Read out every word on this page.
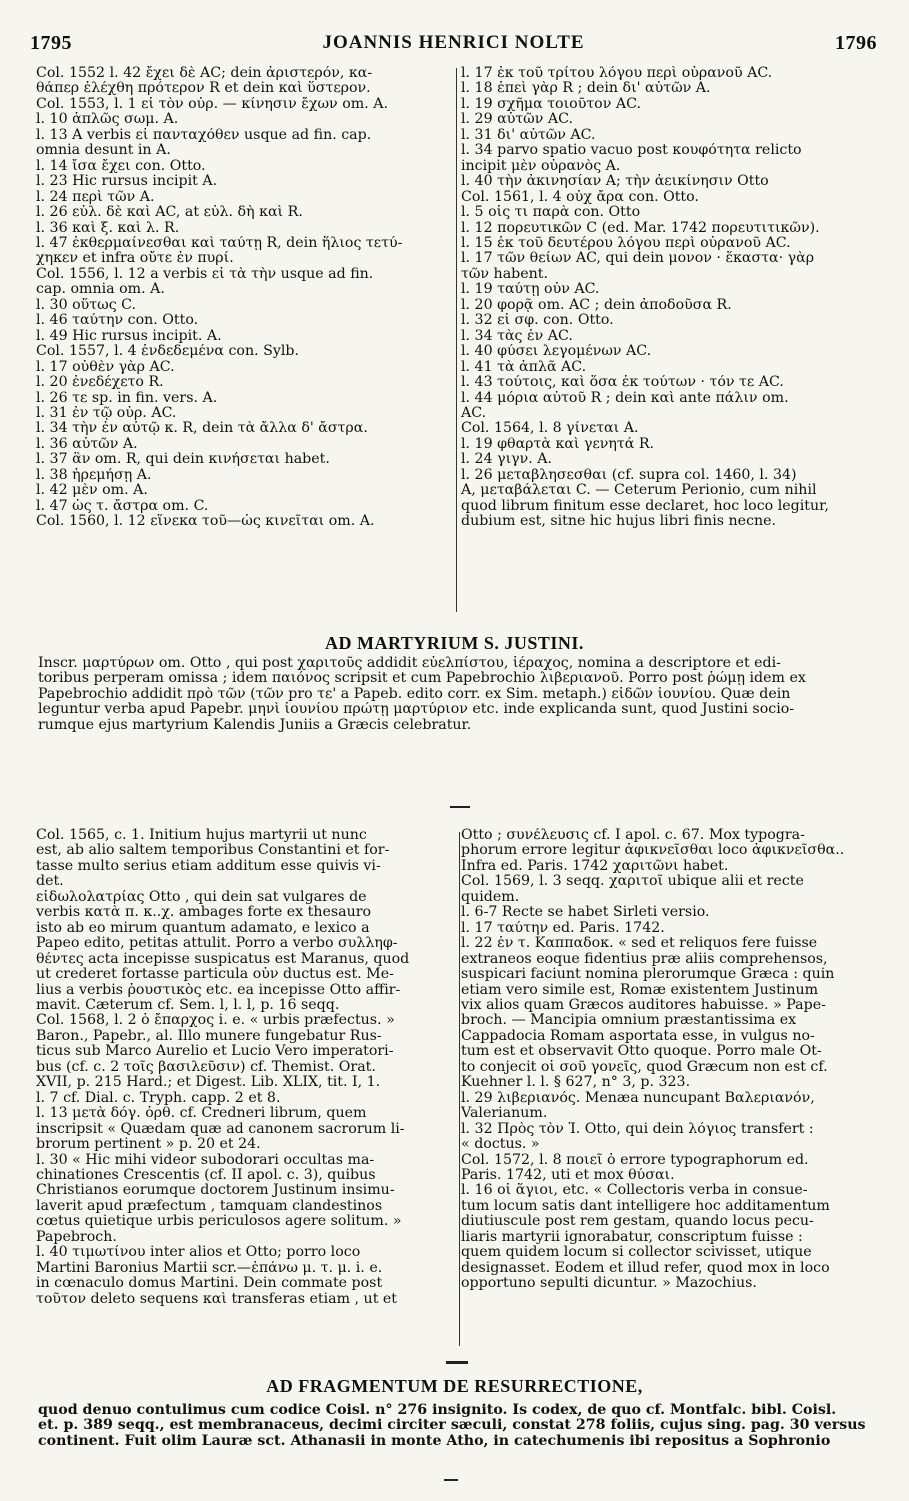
1795	JOANNIS HENRICI NOLTE	1796
Col. 1552 l. 42 ἔχει δὲ AC; dein ἀριστερόν, κα-
θάπερ ἐλέχθη πρότερον R et dein καὶ ὕστερον.
Col. 1553, l. 1 εἰ τὸν οὐρ. — κίνησιν ἔχων om. A.
l. 10 ἁπλῶς σωμ. A.
l. 13 A verbis εἰ πανταχόθεν usque ad fin. cap.
omnia desunt in A.
l. 14 ἴσα ἔχει con. Otto.
l. 23 Hic rursus incipit A.
l. 24 περὶ τῶν A.
l. 26 εὐλ. δὲ καὶ AC, at εὐλ. δὴ καὶ R.
l. 36 καὶ ξ. καὶ λ. R.
l. 47 ἐκθερμαίνεσθαι καὶ ταύτῃ R, dein ἥλιος τετύ-
χηκεν et infra οὔτε ἐν πυρί.
Col. 1556, l. 12 a verbis εἰ τὰ τὴν usque ad fin.
cap. omnia om. A.
l. 30 οὕτως C.
l. 46 ταύτην con. Otto.
l. 49 Hic rursus incipit. A.
Col. 1557, l. 4 ἐνδεδεμένα con. Sylb.
l. 17 οὐθὲν γὰρ AC.
l. 20 ἐνεδέχετο R.
l. 26 τε sp. in fin. vers. A.
l. 31 ἐν τῷ οὐρ. AC.
l. 34 τὴν ἐν αὐτῷ κ. R, dein τὰ ἄλλα δ' ἄστρα.
l. 36 αὐτῶν A.
l. 37 ἂν om. R, qui dein κινήσεται habet.
l. 38 ἠρεμήσῃ A.
l. 42 μὲν om. A.
l. 47 ὡς τ. ἄστρα om. C.
Col. 1560, l. 12 εἵνεκα τοῦ—ὡς κινεῖται om. A.
l. 17 ἐκ τοῦ τρίτου λόγου περὶ οὐρανοῦ AC.
l. 18 ἐπεὶ γὰρ R ; dein δι' αὐτῶν A.
l. 19 σχῆμα τοιοῦτον AC.
l. 29 αὐτῶν AC.
l. 31 δι' αὐτῶν AC.
l. 34 parvo spatio vacuo post κουφότητα relicto
incipit μὲν οὐρανὸς A.
l. 40 τὴν ἀκινησίαν A; τὴν ἀεικίνησιν Otto
Col. 1561, l. 4 οὐχ ἄρα con. Otto.
l. 5 οἷς τι παρὰ con. Otto
l. 12 πορευτικῶν C (ed. Mar. 1742 πορευτιτικῶν).
l. 15 ἐκ τοῦ δευτέρου λόγου περὶ οὐρανοῦ AC.
l. 17 τῶν θείων AC, qui dein μονον · ἕκαστα· γὰρ
τῶν habent.
l. 19 ταύτῃ οὖν AC.
l. 20 φορᾷ om. AC ; dein ἀποδοῦσα R.
l. 32 εἰ σφ. con. Otto.
l. 34 τὰς ἐν AC.
l. 40 φύσει λεγομένων AC.
l. 41 τὰ ἁπλᾶ AC.
l. 43 τούτοις, καὶ ὅσα ἐκ τούτων · τόν τε AC.
l. 44 μόρια αὐτοῦ R ; dein καὶ ante πάλιν om.
AC.
Col. 1564, l. 8 γίνεται A.
l. 19 φθαρτὰ καὶ γενητά R.
l. 24 γιγν. A.
l. 26 μεταβλησεσθαι (cf. supra col. 1460, l. 34)
A, μεταβάλεται C. — Ceterum Perionio, cum nihil
quod librum finitum esse declaret, hoc loco legitur,
dubium est, sitne hic hujus libri finis necne.
AD MARTYRIUM S. JUSTINI.
Inscr. μαρτύρων om. Otto , qui post χαριτοῦς addidit εὐελπίστου, ἱέραχος, nomina a descriptore et edi-
toribus perperam omissa ; idem παιόνος scripsit et cum Papebrochio λιβεριανοῦ. Porro post ῥώμῃ idem ex
Papebrochio addidit πρὸ τῶν (τῶν pro τε' a Papeb. edito corr. ex Sim. metaph.) εἰδῶν ἰουνίου. Quæ dein
leguntur verba apud Papebr. μηνὶ ἰουνίου πρώτῃ μαρτύριον etc. inde explicanda sunt, quod Justini socio-
rumque ejus martyrium Kalendis Juniis a Græcis celebratur.
Col. 1565, c. 1. Initium hujus martyrii ut nunc
est, ab alio saltem temporibus Constantini et for-
tasse multo serius etiam additum esse quivis vi-
det.
εἰδωλολατρίας Otto , qui dein sat vulgares de
verbis κατὰ π. κ..χ. ambages forte ex thesauro
isto ab eo mirum quantum adamato, e lexico a
Papeo edito, petitas attulit. Porro a verbo συλληφ-
θέντες acta incepisse suspicatus est Maranus, quod
ut crederet fortasse particula οὖν ductus est. Me-
lius a verbis ῥουστικὸς etc. ea incepisse Otto affir-
mavit. Cæterum cf. Sem. l, l. l, p. 16 seqq.
Col. 1568, l. 2 ὁ ἔπαρχος i. e. « urbis præfectus. »
Baron., Papebr., al. Illo munere fungebatur Rus-
ticus sub Marco Aurelio et Lucio Vero imperatori-
bus (cf. c. 2 τοῖς βασιλεῦσιν) cf. Themist. Orat.
XVII, p. 215 Hard.; et Digest. Lib. XLIX, tit. I, 1.
l. 7 cf. Dial. c. Tryph. capp. 2 et 8.
l. 13 μετὰ δόγ. ὀρθ. cf. Credneri librum, quem
inscripsit « Quædam quæ ad canonem sacrorum li-
brorum pertinent » p. 20 et 24.
l. 30 « Hic mihi videor subodorari occultas ma-
chinationes Crescentis (cf. II apol. c. 3), quibus
Christianos eorumque doctorem Justinum insimu-
laverit apud præfectum , tamquam clandestinos
cœtus quietique urbis periculosos agere solitum. »
Papebroch.
l. 40 τιμωτίνου inter alios et Otto; porro loco
Martini Baronius Martii scr.—ἐπάνω μ. τ. μ. i. e.
in cœnaculo domus Martini. Dein commate post
τοῦτον deleto sequens καὶ transferas etiam , ut et
Otto ; συνέλευσις cf. I apol. c. 67. Mox typogra-
phorum errore legitur ἀφικνεῖσθαι loco ἀφικνεῖσθα..
Infra ed. Paris. 1742 χαριτῶνι habet.
Col. 1569, l. 3 seqq. χαριτοῖ ubique alii et recte
quidem.
l. 6-7 Recte se habet Sirleti versio.
l. 17 ταύτην ed. Paris. 1742.
l. 22 ἐν τ. Καππαδοκ. « sed et reliquos fere fuisse
extraneos eoque fidentius præ aliis comprehensos,
suspicari faciunt nomina plerorumque Græca : quin
etiam vero simile est, Romæ existentem Justinum
vix alios quam Græcos auditores habuisse. » Pape-
broch. — Mancipia omnium præstantissima ex
Cappadocia Romam asportata esse, in vulgus no-
tum est et observavit Otto quoque. Porro male Ot-
to conjecit οἱ σοῦ γονεῖς, quod Græcum non est cf.
Kuehner l. l. § 627, n° 3, p. 323.
l. 29 λιβεριανός. Menæa nuncupant Βαλεριανόν,
Valerianum.
l. 32 Πρὸς τὸν Ἰ. Otto, qui dein λόγιος transfert :
« doctus. »
Col. 1572, l. 8 ποιεῖ ὁ errore typographorum ed.
Paris. 1742, uti et mox θύσαι.
l. 16 οἱ ἅγιοι, etc. « Collectoris verba in consue-
tum locum satis dant intelligere hoc additamentum
diutiuscule post rem gestam, quando locus pecu-
liaris martyrii ignorabatur, conscriptum fuisse :
quem quidem locum si collector scivisset, utique
designasset. Eodem et illud refer, quod mox in loco
opportuno sepulti dicuntur. » Mazochius.
AD FRAGMENTUM DE RESURRECTIONE,
quod denuo contulimus cum codice Coisl. n° 276 insignito. Is codex, de quo cf. Montfalc. bibl. Coisl.
et. p. 389 seqq., est membranaceus, decimi circiter sæculi, constat 278 foliis, cujus sing. pag. 30 versus
continent. Fuit olim Lauræ sct. Athanasii in monte Atho, in catechumenis ibi repositus a Sophronio
